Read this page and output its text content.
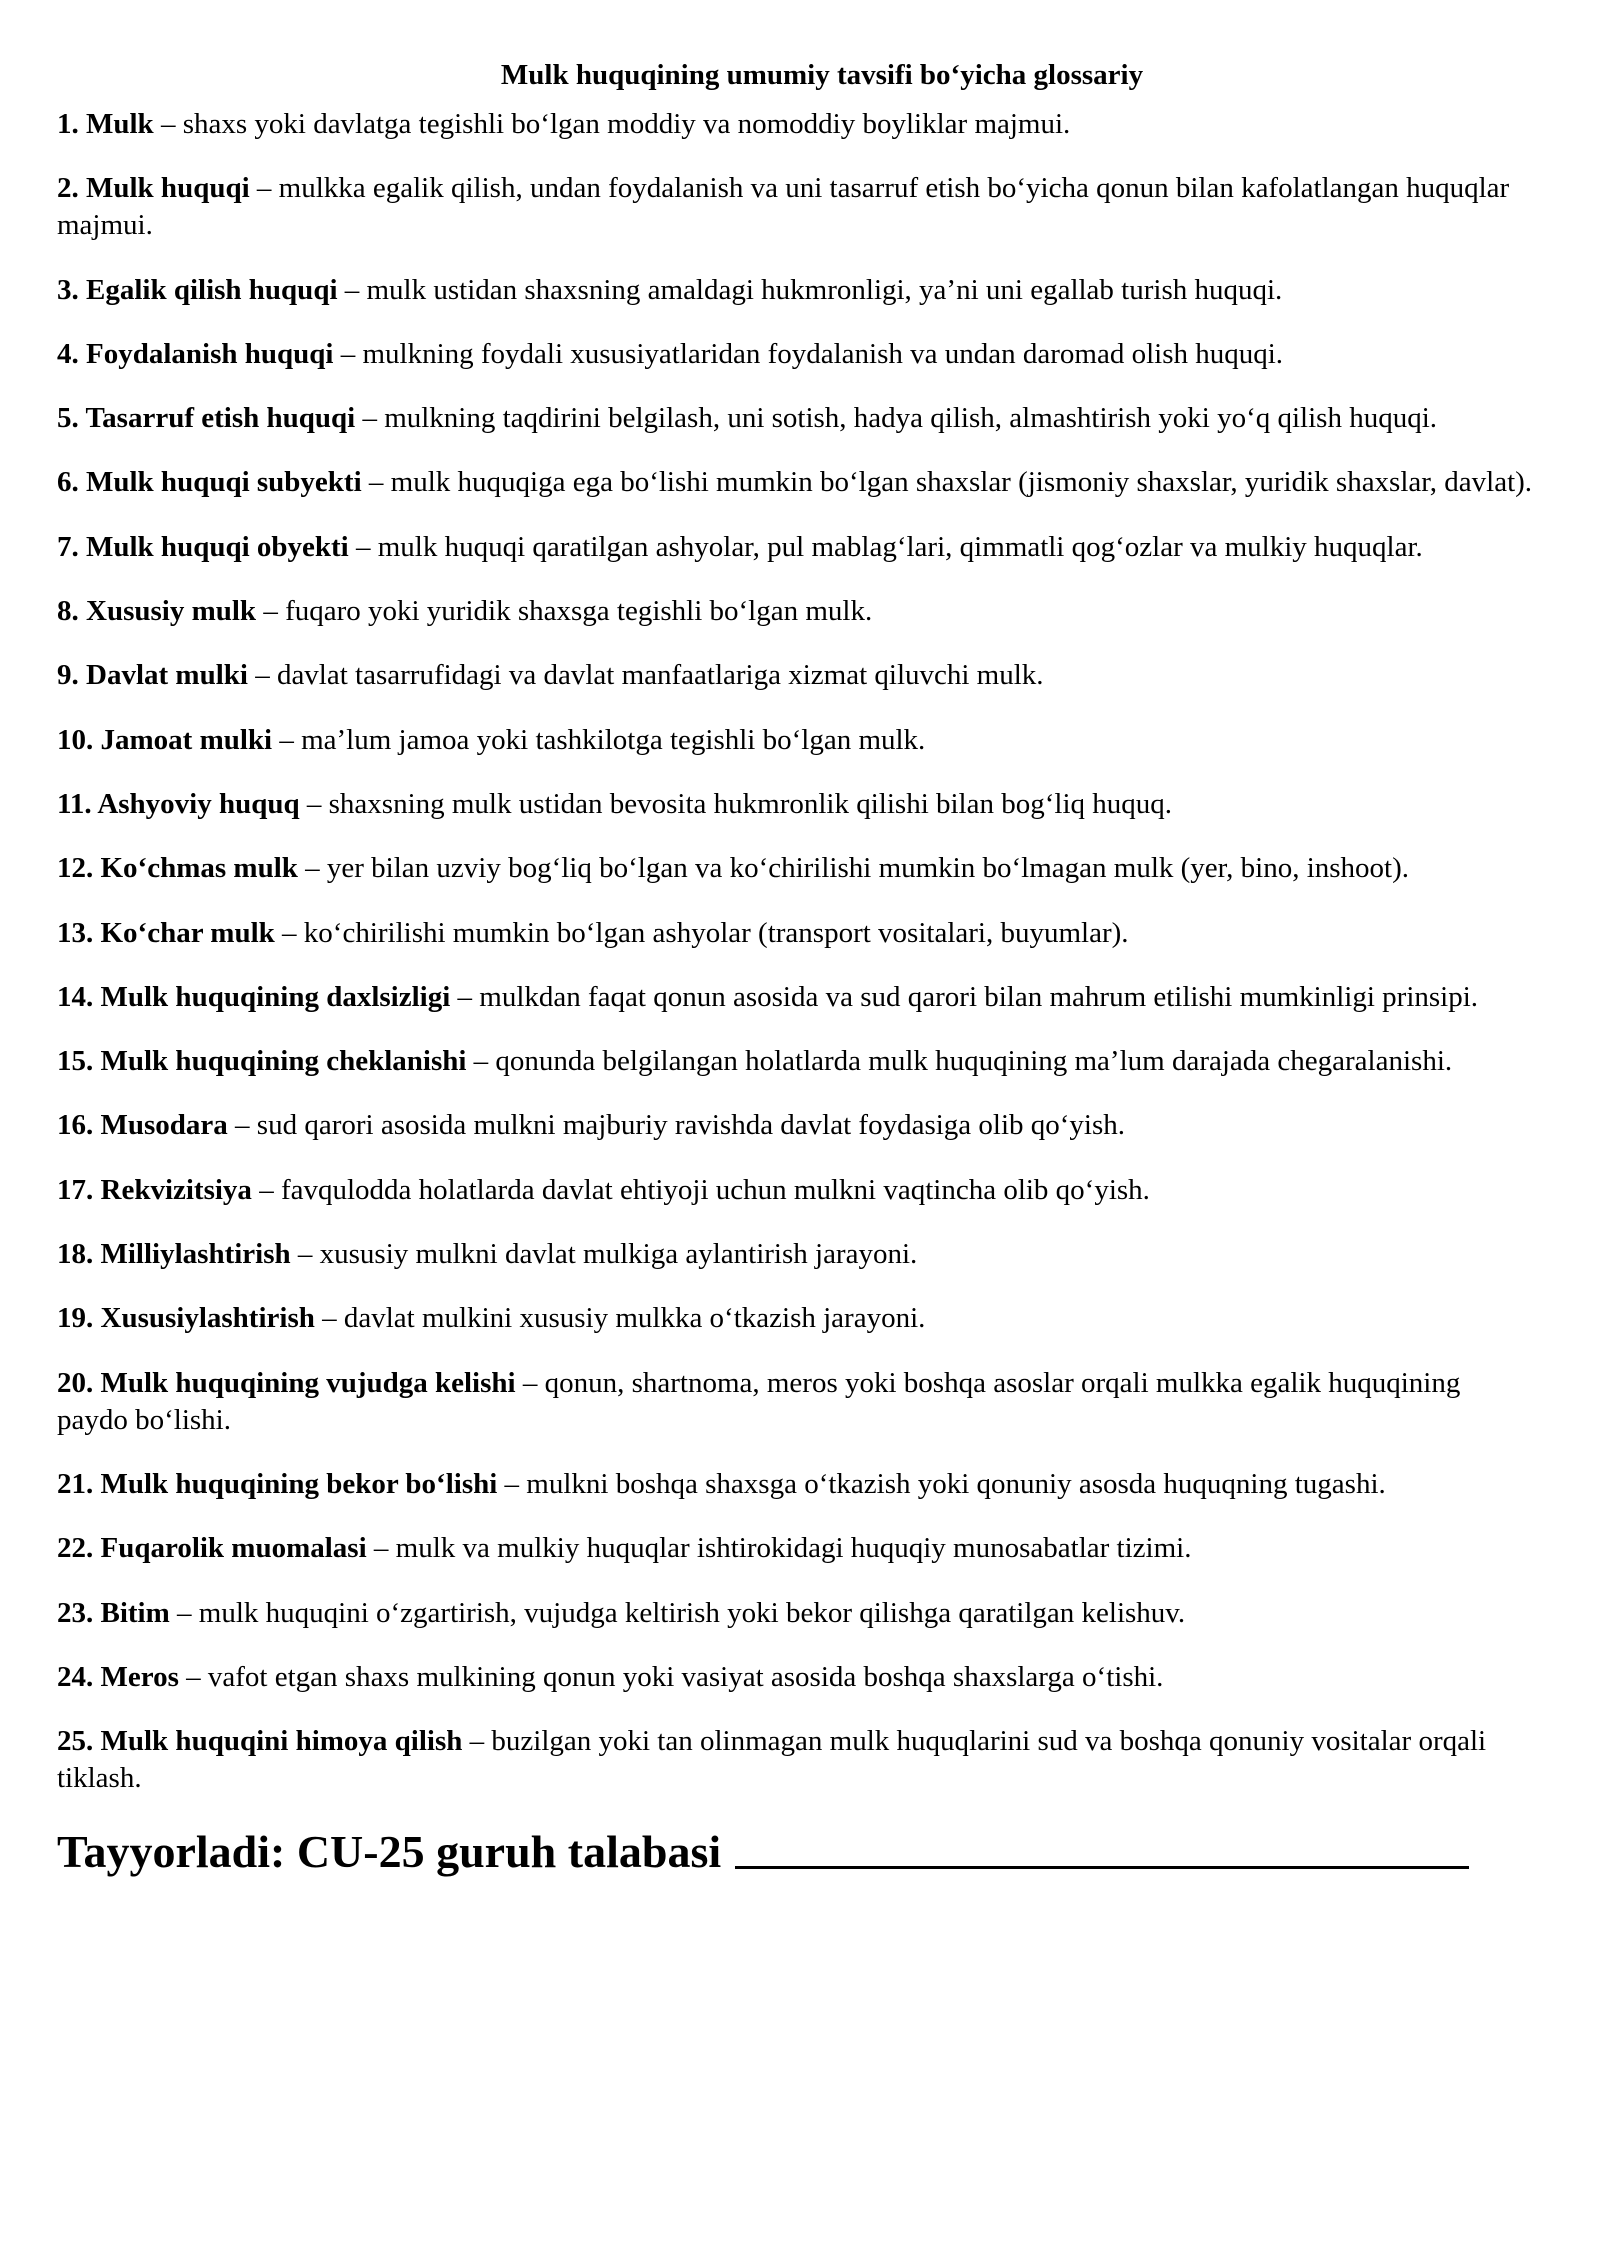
Mulk huquqining umumiy tavsifi bo‘yicha glossariy
1. Mulk – shaxs yoki davlatga tegishli bo‘lgan moddiy va nomoddiy boyliklar majmui.
2. Mulk huquqi – mulkka egalik qilish, undan foydalanish va uni tasarruf etish bo‘yicha qonun bilan kafolatlangan huquqlar majmui.
3. Egalik qilish huquqi – mulk ustidan shaxsning amaldagi hukmronligi, ya’ni uni egallab turish huquqi.
4. Foydalanish huquqi – mulkning foydali xususiyatlaridan foydalanish va undan daromad olish huquqi.
5. Tasarruf etish huquqi – mulkning taqdirini belgilash, uni sotish, hadya qilish, almashtirish yoki yo‘q qilish huquqi.
6. Mulk huquqi subyekti – mulk huquqiga ega bo‘lishi mumkin bo‘lgan shaxslar (jismoniy shaxslar, yuridik shaxslar, davlat).
7. Mulk huquqi obyekti – mulk huquqi qaratilgan ashyolar, pul mablag‘lari, qimmatli qog‘ozlar va mulkiy huquqlar.
8. Xususiy mulk – fuqaro yoki yuridik shaxsga tegishli bo‘lgan mulk.
9. Davlat mulki – davlat tasarrufidagi va davlat manfaatlariga xizmat qiluvchi mulk.
10. Jamoat mulki – ma’lum jamoa yoki tashkilotga tegishli bo‘lgan mulk.
11. Ashyoviy huquq – shaxsning mulk ustidan bevosita hukmronlik qilishi bilan bog‘liq huquq.
12. Ko‘chmas mulk – yer bilan uzviy bog‘liq bo‘lgan va ko‘chirilishi mumkin bo‘lmagan mulk (yer, bino, inshoot).
13. Ko‘char mulk – ko‘chirilishi mumkin bo‘lgan ashyolar (transport vositalari, buyumlar).
14. Mulk huquqining daxlsizligi – mulkdan faqat qonun asosida va sud qarori bilan mahrum etilishi mumkinligi prinsipi.
15. Mulk huquqining cheklanishi – qonunda belgilangan holatlarda mulk huquqining ma’lum darajada chegaralanishi.
16. Musodara – sud qarori asosida mulkni majburiy ravishda davlat foydasiga olib qo‘yish.
17. Rekvizitsiya – favqulodda holatlarda davlat ehtiyoji uchun mulkni vaqtincha olib qo‘yish.
18. Milliylashtirish – xususiy mulkni davlat mulkiga aylantirish jarayoni.
19. Xususiylashtirish – davlat mulkini xususiy mulkka o‘tkazish jarayoni.
20. Mulk huquqining vujudga kelishi – qonun, shartnoma, meros yoki boshqa asoslar orqali mulkka egalik huquqining paydo bo‘lishi.
21. Mulk huquqining bekor bo‘lishi – mulkni boshqa shaxsga o‘tkazish yoki qonuniy asosda huquqning tugashi.
22. Fuqarolik muomalasi – mulk va mulkiy huquqlar ishtirokidagi huquqiy munosabatlar tizimi.
23. Bitim – mulk huquqini o‘zgartirish, vujudga keltirish yoki bekor qilishga qaratilgan kelishuv.
24. Meros – vafot etgan shaxs mulkining qonun yoki vasiyat asosida boshqa shaxslarga o‘tishi.
25. Mulk huquqini himoya qilish – buzilgan yoki tan olinmagan mulk huquqlarini sud va boshqa qonuniy vositalar orqali tiklash.
Tayyorladi: CU-25 guruh talabasi
